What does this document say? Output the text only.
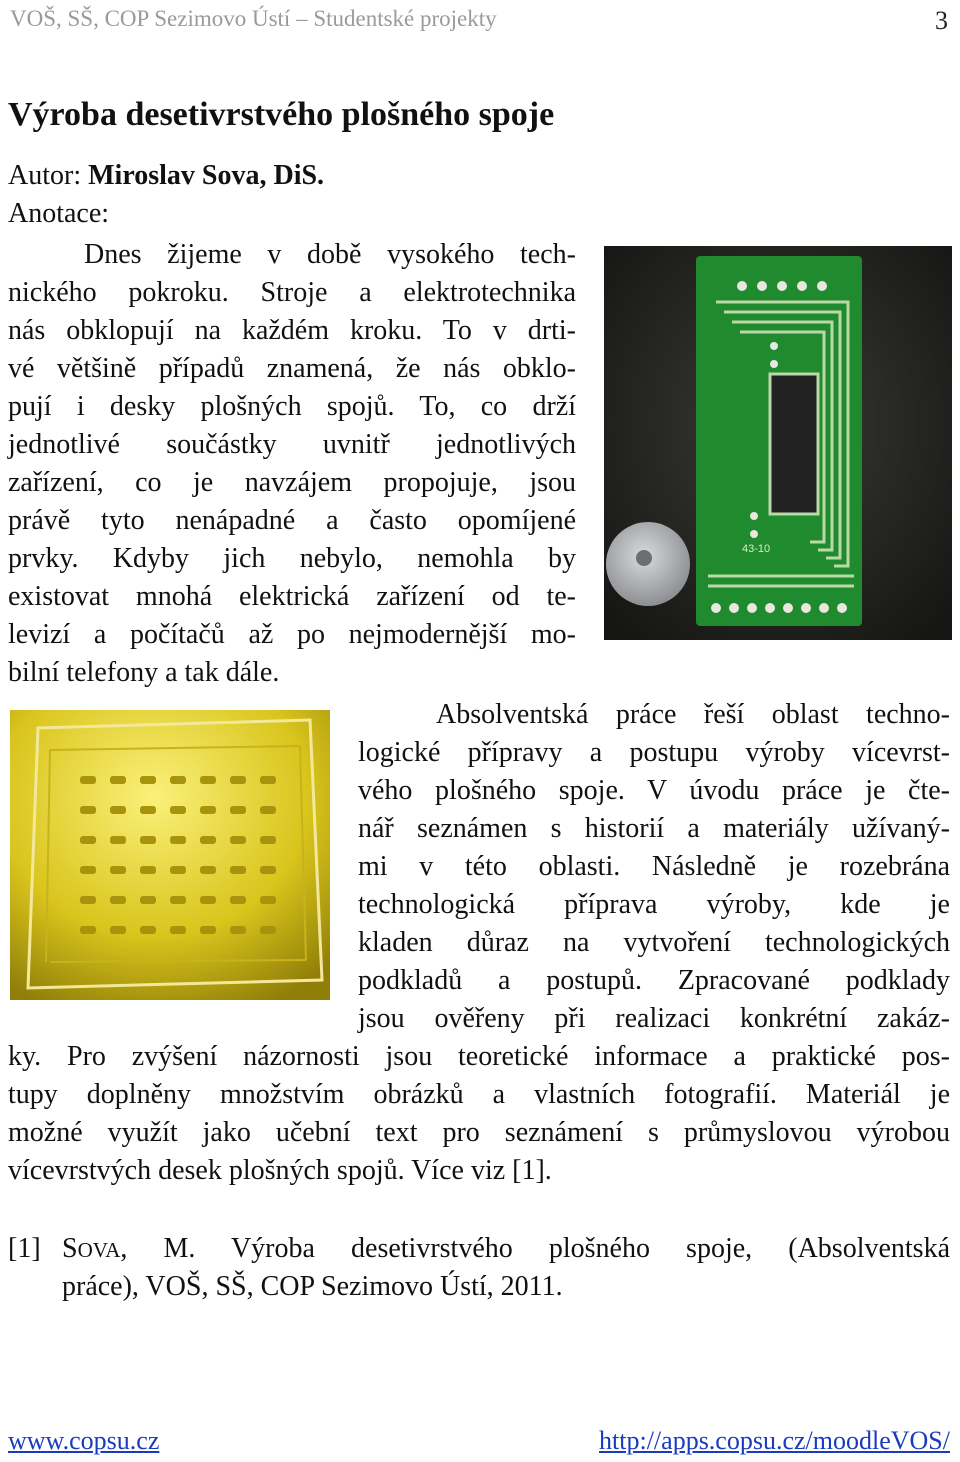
VOŠ, SŠ, COP Sezimovo Ústí – Studentské projekty	3
Výroba desetivrstvého plošného spoje
Autor: Miroslav Sova, DiS.
Anotace:
Dnes žijeme v době vysokého tech-
nického pokroku. Stroje a elektrotechnika
nás obklopují na každém kroku. To v drti-
vé většině případů znamená, že nás obklo-
pují i desky plošných spojů. To, co drží
jednotlivé součástky uvnitř jednotlivých
zařízení, co je navzájem propojuje, jsou
právě tyto nenápadné a často opomíjené
prvky. Kdyby jich nebylo, nemohla by
existovat mnohá elektrická zařízení od te-
levizí a počítačů až po nejmodernější mo-
bilní telefony a tak dále.
43-10
Absolventská práce řeší oblast techno-
logické přípravy a postupu výroby vícevrst-
vého plošného spoje. V úvodu práce je čte-
nář seznámen s historií a materiály užívaný-
mi v této oblasti. Následně je rozebrána
technologická příprava výroby, kde je
kladen důraz na vytvoření technologických
podkladů a postupů. Zpracované podklady
jsou ověřeny při realizaci konkrétní zakáz-
ky. Pro zvýšení názornosti jsou teoretické informace a praktické pos-
tupy doplněny množstvím obrázků a vlastních fotografií. Materiál je
možné využít jako učební text pro seznámení s průmyslovou výrobou
vícevrstvých desek plošných spojů. Více viz [1].
[1] SOVA, M. Výroba desetivrstvého plošného spoje, (Absolventská
práce), VOŠ, SŠ, COP Sezimovo Ústí, 2011.
www.copsu.cz	http://apps.copsu.cz/moodleVOS/
